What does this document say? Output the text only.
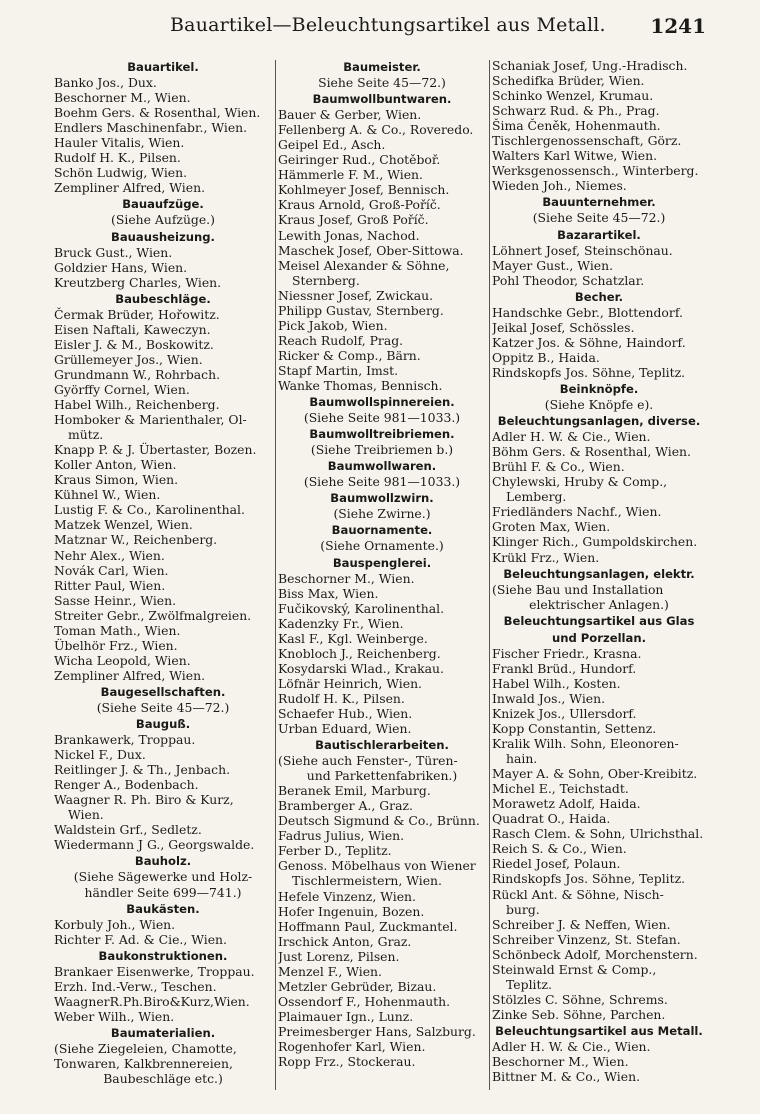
Bauartikel—Beleuchtungsartikel aus Metall. 1241
Bauartikel.
Banko Jos., Dux.
Beschorner M., Wien.
Boehm Gers. & Rosenthal, Wien.
Endlers Maschinenfabr., Wien.
Hauler Vitalis, Wien.
Rudolf H. K., Pilsen.
Schön Ludwig, Wien.
Zempliner Alfred, Wien.
Bauaufzüge.
(Siehe Aufzüge.)
Bauausheizung.
Bruck Gust., Wien.
Goldzier Hans, Wien.
Kreutzberg Charles, Wien.
Baubeschläge.
Čermak Brüder, Hořowitz.
Eisen Naftali, Kaweczyn.
Eisler J. & M., Boskowitz.
Grüllemeyer Jos., Wien.
Grundmann W., Rohrbach.
Györffy Cornel, Wien.
Habel Wilh., Reichenberg.
Homboker & Marienthaler, Ol-
mütz.
Knapp P. & J. Übertaster, Bozen.
Koller Anton, Wien.
Kraus Simon, Wien.
Kühnel W., Wien.
Lustig F. & Co., Karolinenthal.
Matzek Wenzel, Wien.
Matznar W., Reichenberg.
Nehr Alex., Wien.
Novák Carl, Wien.
Ritter Paul, Wien.
Sasse Heinr., Wien.
Streiter Gebr., Zwölfmalgreien.
Toman Math., Wien.
Übelhör Frz., Wien.
Wicha Leopold, Wien.
Zempliner Alfred, Wien.
Baugesellschaften.
(Siehe Seite 45—72.)
Bauguß.
Brankawerk, Troppau.
Nickel F., Dux.
Reitlinger J. & Th., Jenbach.
Renger A., Bodenbach.
Waagner R. Ph. Biro & Kurz,
Wien.
Waldstein Grf., Sedletz.
Wiedermann J G., Georgswalde.
Bauholz.
(Siehe Sägewerke und Holz-
händler Seite 699—741.)
Baukästen.
Korbuly Joh., Wien.
Richter F. Ad. & Cie., Wien.
Baukonstruktionen.
Brankaer Eisenwerke, Troppau.
Erzh. Ind.-Verw., Teschen.
WaagnerR.Ph.Biro&Kurz,Wien.
Weber Wilh., Wien.
Baumaterialien.
(Siehe Ziegeleien, Chamotte,
Tonwaren, Kalkbrennereien,
Baubeschläge etc.)
Baumeister.
Siehe Seite 45—72.)
Baumwollbuntwaren.
Bauer & Gerber, Wien.
Fellenberg A. & Co., Roveredo.
Geipel Ed., Asch.
Geiringer Rud., Chotěboř.
Hämmerle F. M., Wien.
Kohlmeyer Josef, Bennisch.
Kraus Arnold, Groß-Poříč.
Kraus Josef, Groß Poříč.
Lewith Jonas, Nachod.
Maschek Josef, Ober-Sittowa.
Meisel Alexander & Söhne,
Sternberg.
Niessner Josef, Zwickau.
Philipp Gustav, Sternberg.
Pick Jakob, Wien.
Reach Rudolf, Prag.
Ricker & Comp., Bärn.
Stapf Martin, Imst.
Wanke Thomas, Bennisch.
Baumwollspinnereien.
(Siehe Seite 981—1033.)
Baumwolltreibriemen.
(Siehe Treibriemen b.)
Baumwollwaren.
(Siehe Seite 981—1033.)
Baumwollzwirn.
(Siehe Zwirne.)
Bauornamente.
(Siehe Ornamente.)
Bauspenglerei.
Beschorner M., Wien.
Biss Max, Wien.
Fučikovský, Karolinenthal.
Kadenzky Fr., Wien.
Kasl F., Kgl. Weinberge.
Knobloch J., Reichenberg.
Kosydarski Wlad., Krakau.
Löfnär Heinrich, Wien.
Rudolf H. K., Pilsen.
Schaefer Hub., Wien.
Urban Eduard, Wien.
Bautischlerarbeiten.
(Siehe auch Fenster-, Türen-
und Parkettenfabriken.)
Beranek Emil, Marburg.
Bramberger A., Graz.
Deutsch Sigmund & Co., Brünn.
Fadrus Julius, Wien.
Ferber D., Teplitz.
Genoss. Möbelhaus von Wiener
Tischlermeistern, Wien.
Hefele Vinzenz, Wien.
Hofer Ingenuin, Bozen.
Hoffmann Paul, Zuckmantel.
Irschick Anton, Graz.
Just Lorenz, Pilsen.
Menzel F., Wien.
Metzler Gebrüder, Bizau.
Ossendorf F., Hohenmauth.
Plaimauer Ign., Lunz.
Preimesberger Hans, Salzburg.
Rogenhofer Karl, Wien.
Ropp Frz., Stockerau.
Schaniak Josef, Ung.-Hradisch.
Schedifka Brüder, Wien.
Schinko Wenzel, Krumau.
Schwarz Rud. & Ph., Prag.
Šima Čeněk, Hohenmauth.
Tischlergenossenschaft, Görz.
Walters Karl Witwe, Wien.
Werksgenossensch., Winterberg.
Wieden Joh., Niemes.
Bauunternehmer.
(Siehe Seite 45—72.)
Bazarartikel.
Löhnert Josef, Steinschönau.
Mayer Gust., Wien.
Pohl Theodor, Schatzlar.
Becher.
Handschke Gebr., Blottendorf.
Jeikal Josef, Schössles.
Katzer Jos. & Söhne, Haindorf.
Oppitz B., Haida.
Rindskopfs Jos. Söhne, Teplitz.
Beinknöpfe.
(Siehe Knöpfe e).
Beleuchtungsanlagen, diverse.
Adler H. W. & Cie., Wien.
Böhm Gers. & Rosenthal, Wien.
Brühl F. & Co., Wien.
Chylewski, Hruby & Comp.,
Lemberg.
Friedländers Nachf., Wien.
Groten Max, Wien.
Klinger Rich., Gumpoldskirchen.
Krükl Frz., Wien.
Beleuchtungsanlagen, elektr.
(Siehe Bau und Installation
elektrischer Anlagen.)
Beleuchtungsartikel aus Glas
und Porzellan.
Fischer Friedr., Krasna.
Frankl Brüd., Hundorf.
Habel Wilh., Kosten.
Inwald Jos., Wien.
Knizek Jos., Ullersdorf.
Kopp Constantin, Settenz.
Kralik Wilh. Sohn, Eleonoren-
hain.
Mayer A. & Sohn, Ober-Kreibitz.
Michel E., Teichstadt.
Morawetz Adolf, Haida.
Quadrat O., Haida.
Rasch Clem. & Sohn, Ulrichsthal.
Reich S. & Co., Wien.
Riedel Josef, Polaun.
Rindskopfs Jos. Söhne, Teplitz.
Rückl Ant. & Söhne, Nisch-
burg.
Schreiber J. & Neffen, Wien.
Schreiber Vinzenz, St. Stefan.
Schönbeck Adolf, Morchenstern.
Steinwald Ernst & Comp.,
Teplitz.
Stölzles C. Söhne, Schrems.
Zinke Seb. Söhne, Parchen.
Beleuchtungsartikel aus Metall.
Adler H. W. & Cie., Wien.
Beschorner M., Wien.
Bittner M. & Co., Wien.
